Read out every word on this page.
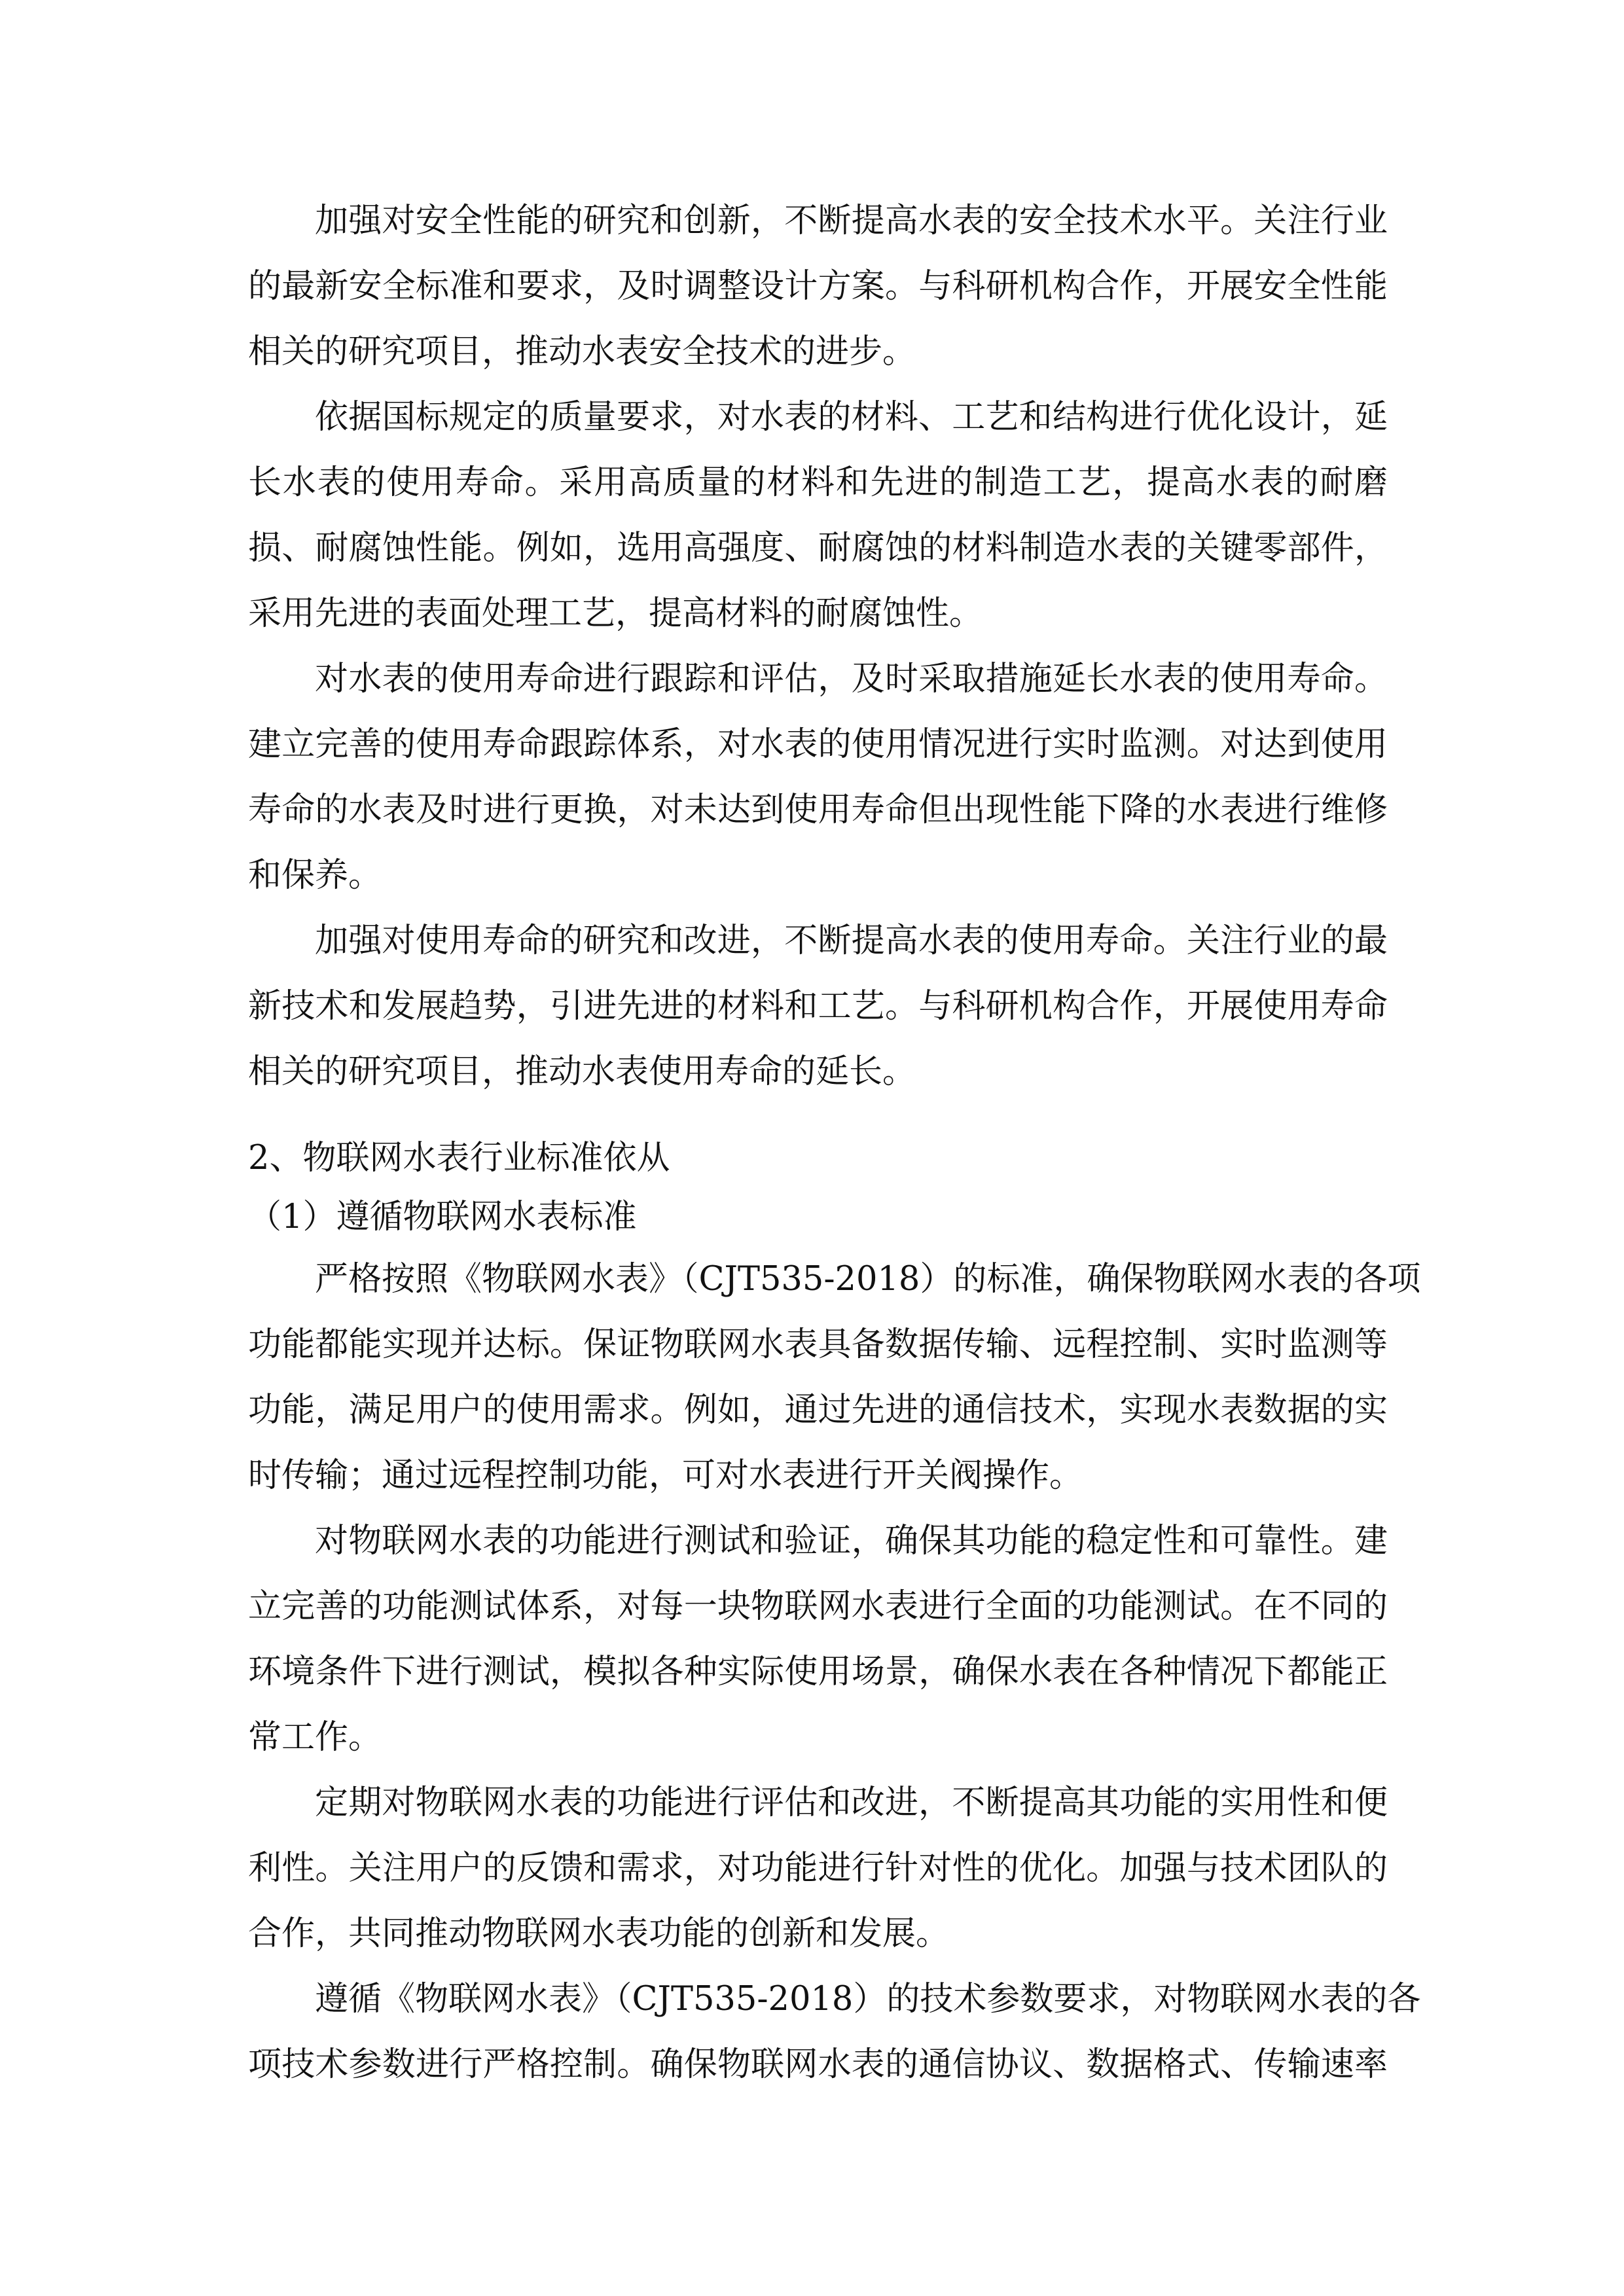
加强对安全性能的研究和创新，不断提高水表的安全技术水平。关注行业
的最新安全标准和要求，及时调整设计方案。与科研机构合作，开展安全性能
相关的研究项目，推动水表安全技术的进步。
依据国标规定的质量要求，对水表的材料、工艺和结构进行优化设计，延
长水表的使用寿命。采用高质量的材料和先进的制造工艺，提高水表的耐磨
损、耐腐蚀性能。例如，选用高强度、耐腐蚀的材料制造水表的关键零部件，
采用先进的表面处理工艺，提高材料的耐腐蚀性。
对水表的使用寿命进行跟踪和评估，及时采取措施延长水表的使用寿命。
建立完善的使用寿命跟踪体系，对水表的使用情况进行实时监测。对达到使用
寿命的水表及时进行更换，对未达到使用寿命但出现性能下降的水表进行维修
和保养。
加强对使用寿命的研究和改进，不断提高水表的使用寿命。关注行业的最
新技术和发展趋势，引进先进的材料和工艺。与科研机构合作，开展使用寿命
相关的研究项目，推动水表使用寿命的延长。
2、物联网水表行业标准依从
（1）遵循物联网水表标准
严格按照《物联网水表》（CJT535-2018）的标准，确保物联网水表的各项
功能都能实现并达标。保证物联网水表具备数据传输、远程控制、实时监测等
功能，满足用户的使用需求。例如，通过先进的通信技术，实现水表数据的实
时传输；通过远程控制功能，可对水表进行开关阀操作。
对物联网水表的功能进行测试和验证，确保其功能的稳定性和可靠性。建
立完善的功能测试体系，对每一块物联网水表进行全面的功能测试。在不同的
环境条件下进行测试，模拟各种实际使用场景，确保水表在各种情况下都能正
常工作。
定期对物联网水表的功能进行评估和改进，不断提高其功能的实用性和便
利性。关注用户的反馈和需求，对功能进行针对性的优化。加强与技术团队的
合作，共同推动物联网水表功能的创新和发展。
遵循《物联网水表》（CJT535-2018）的技术参数要求，对物联网水表的各
项技术参数进行严格控制。确保物联网水表的通信协议、数据格式、传输速率
